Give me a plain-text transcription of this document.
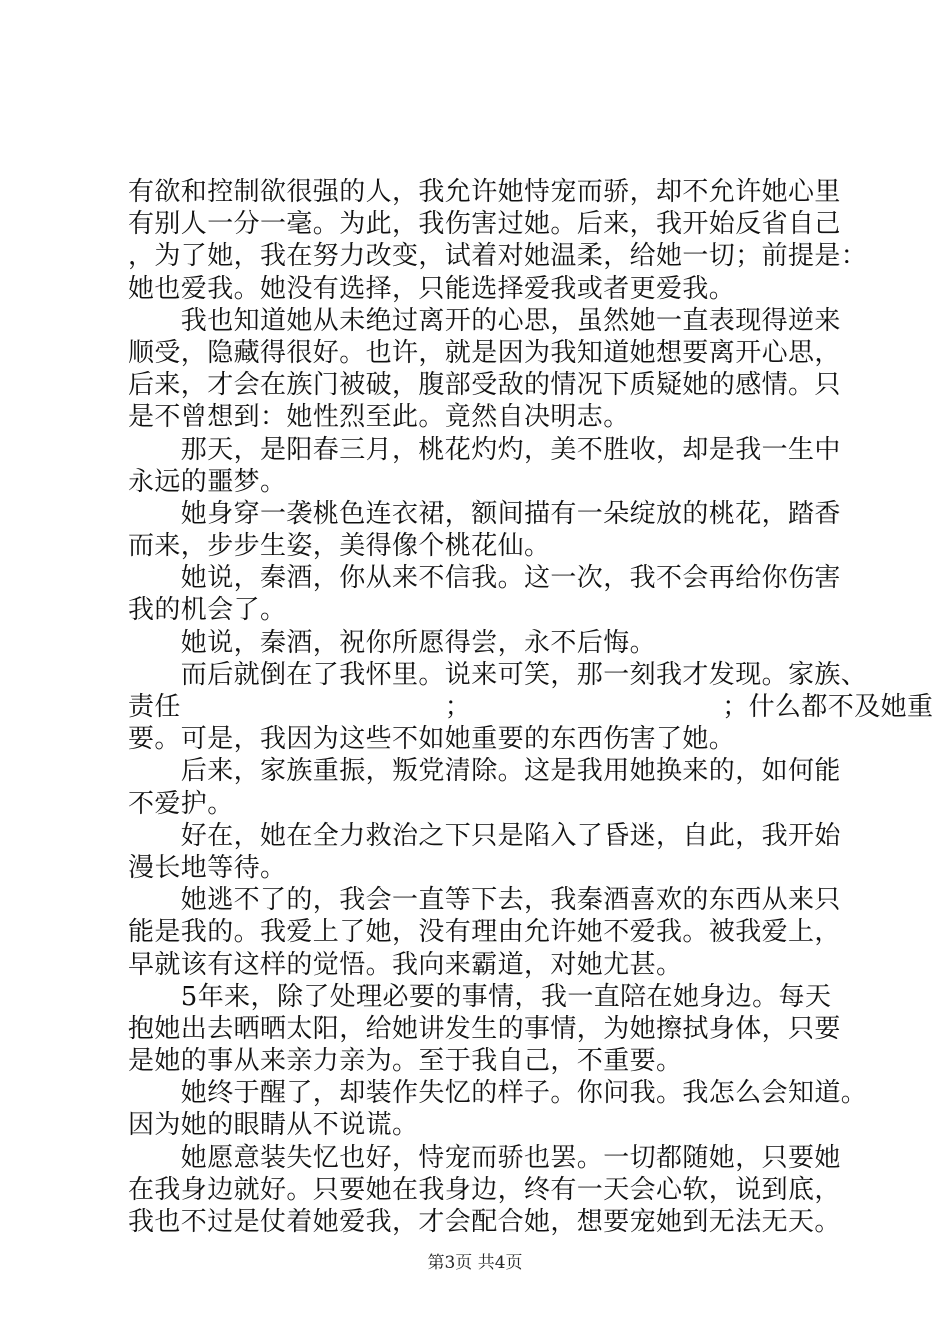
有欲和控制欲很强的人，我允许她恃宠而骄，却不允许她心里
有别人一分一毫。为此，我伤害过她。后来，我开始反省自己
，为了她，我在努力改变，试着对她温柔，给她一切；前提是：
她也爱我。她没有选择，只能选择爱我或者更爱我。
　　我也知道她从未绝过离开的心思，虽然她一直表现得逆来
顺受，隐藏得很好。也许，就是因为我知道她想要离开心思，
后来，才会在族门被破，腹部受敌的情况下质疑她的感情。只
是不曾想到：她性烈至此。竟然自决明志。
　　那天，是阳春三月，桃花灼灼，美不胜收，却是我一生中
永远的噩梦。
　　她身穿一袭桃色连衣裙，额间描有一朵绽放的桃花，踏香
而来，步步生姿，美得像个桃花仙。
　　她说，秦酒，你从来不信我。这一次，我不会再给你伤害
我的机会了。
　　她说，秦酒，祝你所愿得尝，永不后悔。
　　而后就倒在了我怀里。说来可笑，那一刻我才发现。家族、
责任　　　　　　　　　　；　　　　　　　　　　；什么都不及她重
要。可是，我因为这些不如她重要的东西伤害了她。
　　后来，家族重振，叛党清除。这是我用她换来的，如何能
不爱护。
　　好在，她在全力救治之下只是陷入了昏迷，自此，我开始
漫长地等待。
　　她逃不了的，我会一直等下去，我秦酒喜欢的东西从来只
能是我的。我爱上了她，没有理由允许她不爱我。被我爱上，
早就该有这样的觉悟。我向来霸道，对她尤甚。
　　5年来，除了处理必要的事情，我一直陪在她身边。每天
抱她出去晒晒太阳，给她讲发生的事情，为她擦拭身体，只要
是她的事从来亲力亲为。至于我自己，不重要。
　　她终于醒了，却装作失忆的样子。你问我。我怎么会知道。
因为她的眼睛从不说谎。
　　她愿意装失忆也好，恃宠而骄也罢。一切都随她，只要她
在我身边就好。只要她在我身边，终有一天会心软，说到底，
我也不过是仗着她爱我，才会配合她，想要宠她到无法无天。
第3页 共4页
